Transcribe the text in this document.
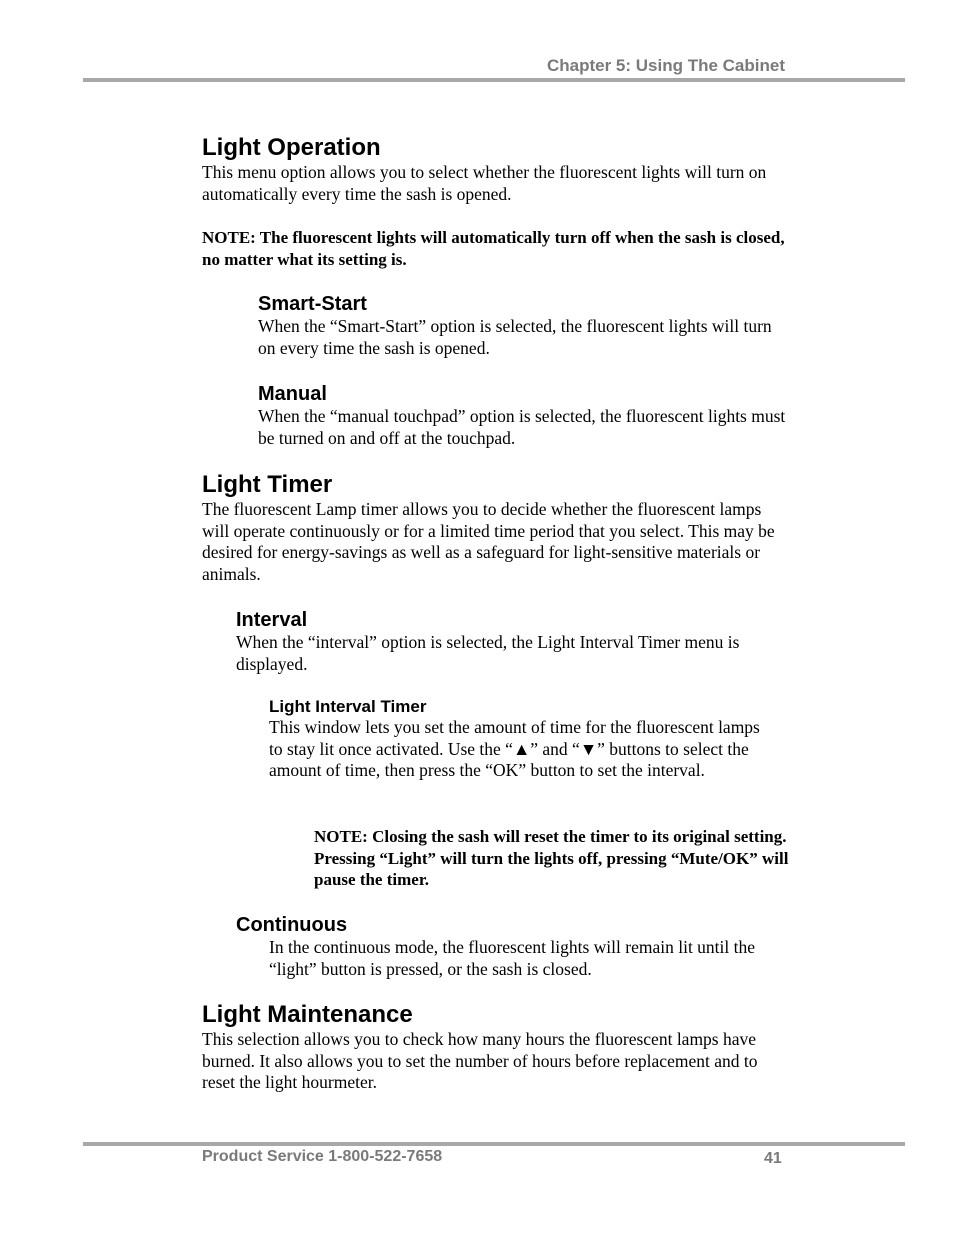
Chapter 5: Using The Cabinet
Light Operation

This menu option allows you to select whether the fluorescent lights will turn on automatically every time the sash is opened.

NOTE: The fluorescent lights will automatically turn off when the sash is closed, no matter what its setting is.

Smart-Start

When the “Smart-Start” option is selected, the fluorescent lights will turn on every time the sash is opened.

Manual

When the “manual touchpad” option is selected, the fluorescent lights must be turned on and off at the touchpad.

Light Timer

The fluorescent Lamp timer allows you to decide whether the fluorescent lamps will operate continuously or for a limited time period that you select. This may be desired for energy-savings as well as a safeguard for light-sensitive materials or animals.

Interval

When the “interval” option is selected, the Light Interval Timer menu is displayed.

Light Interval Timer

This window lets you set the amount of time for the fluorescent lamps to stay lit once activated. Use the “▲” and “▼” buttons to select the amount of time, then press the “OK” button to set the interval.

NOTE: Closing the sash will reset the timer to its original setting. Pressing “Light” will turn the lights off, pressing “Mute/OK” will pause the timer.

Continuous

In the continuous mode, the fluorescent lights will remain lit until the “light” button is pressed, or the sash is closed.

Light Maintenance

This selection allows you to check how many hours the fluorescent lamps have burned. It also allows you to set the number of hours before replacement and to reset the light hourmeter.

Product Service 1-800-522-7658	41
